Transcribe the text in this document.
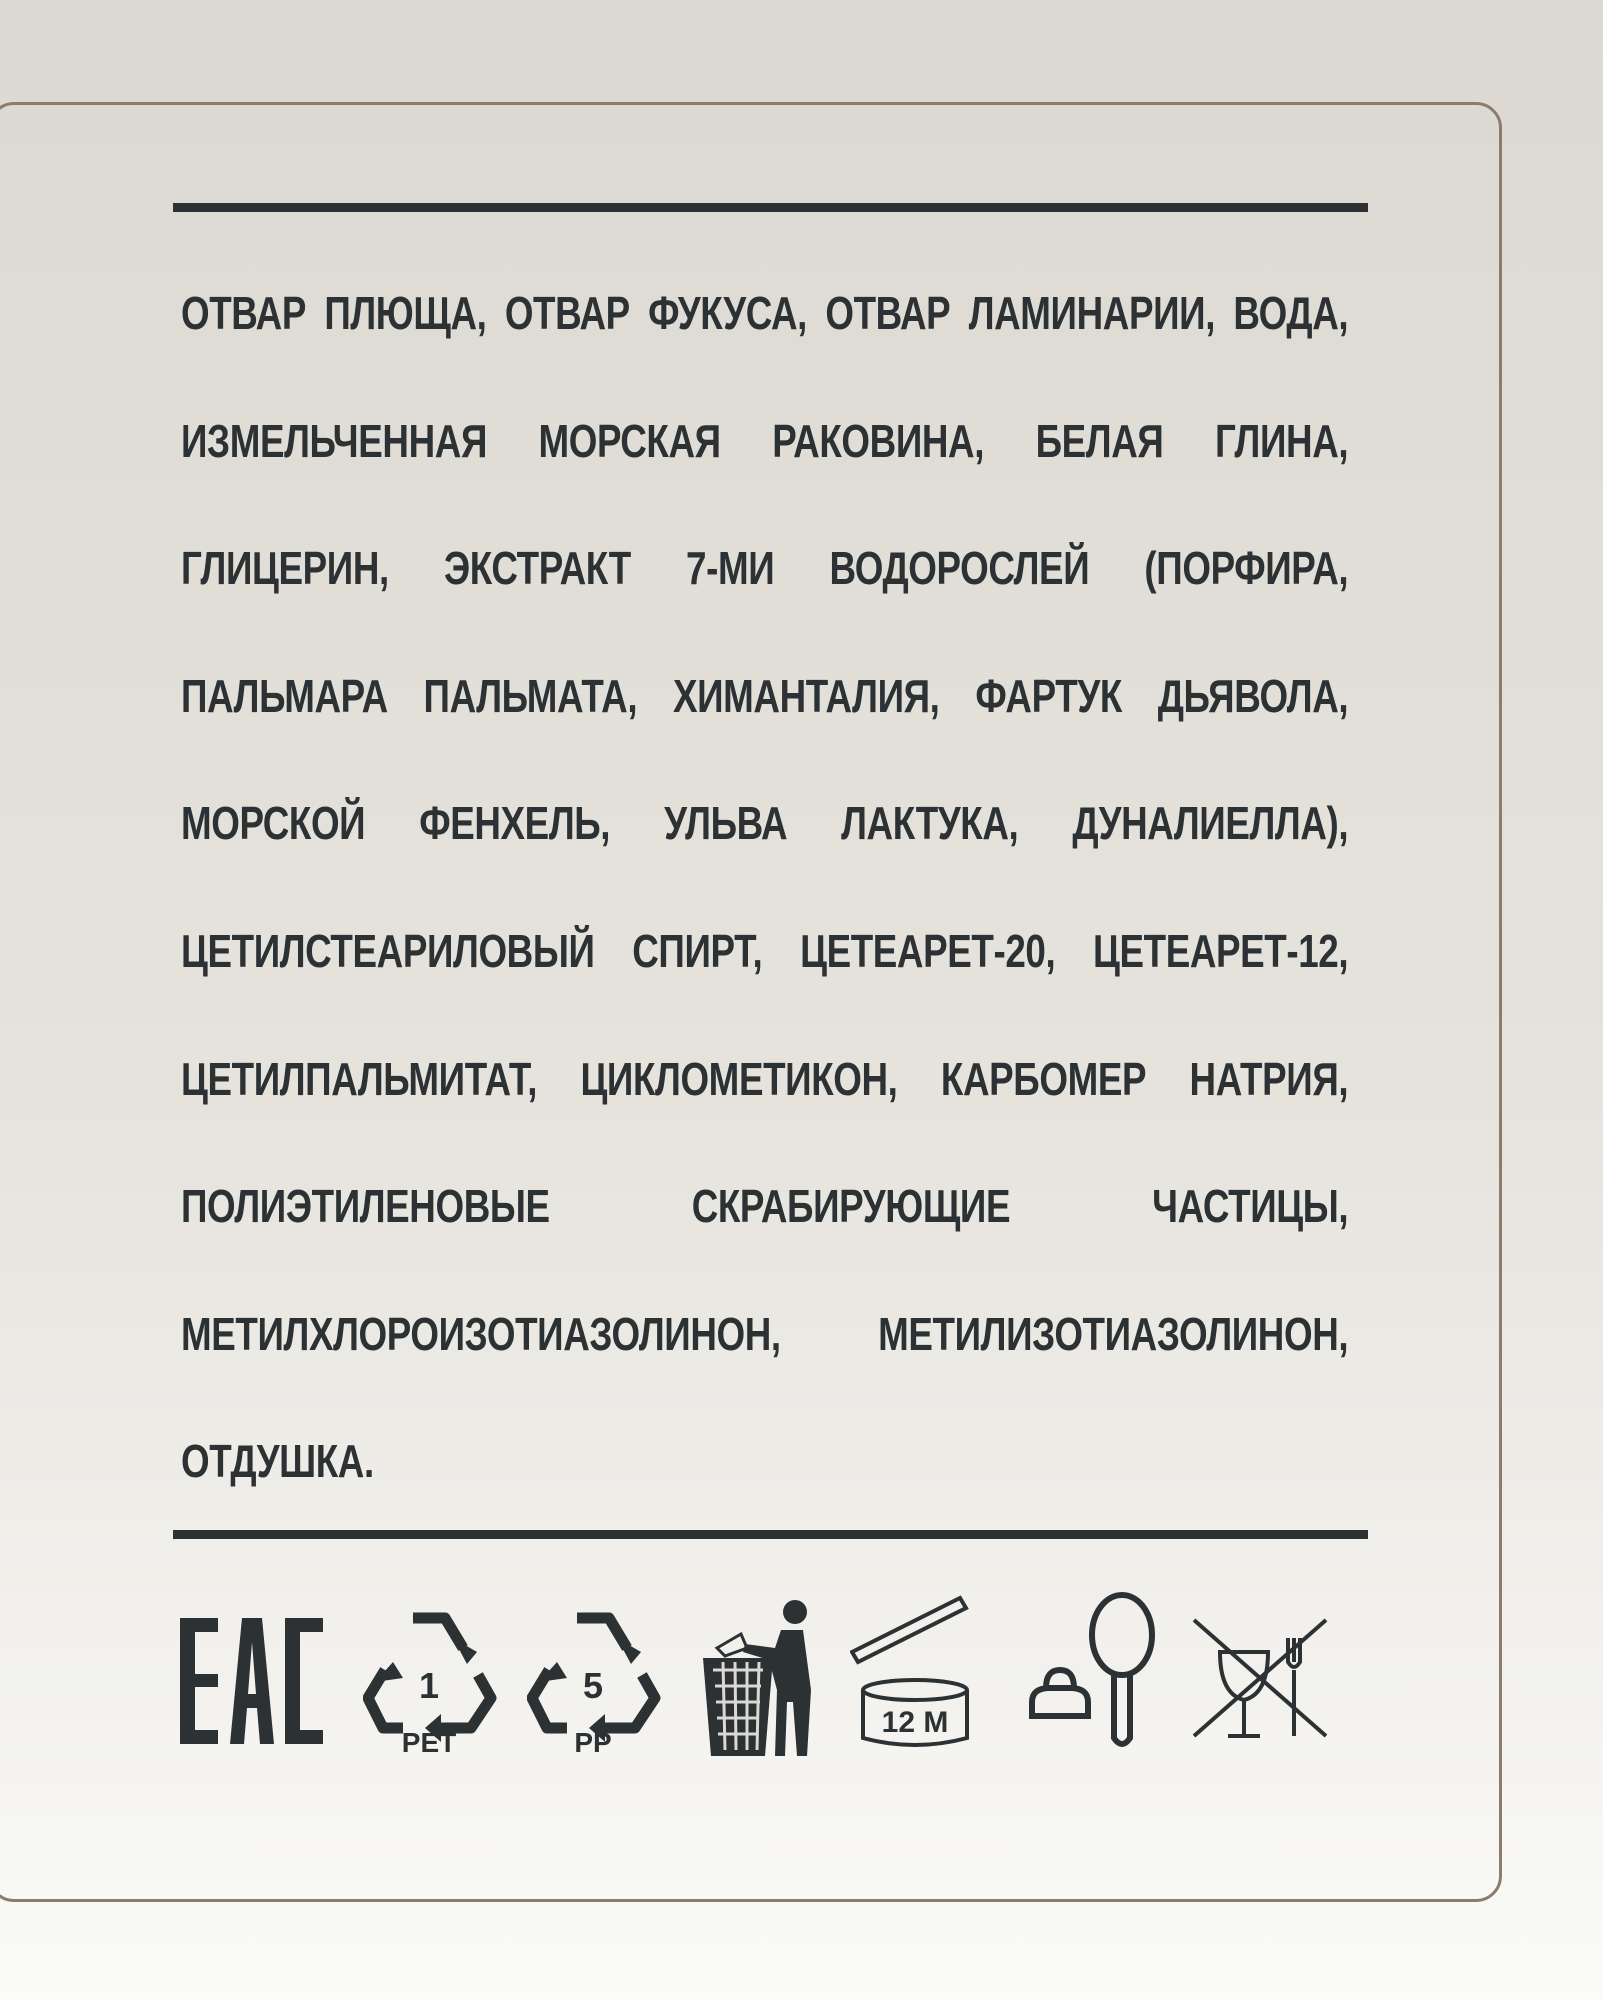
ОТВАР ПЛЮЩА, ОТВАР ФУКУСА, ОТВАР ЛАМИНАРИИ, ВОДА,
ИЗМЕЛЬЧЕННАЯ МОРСКАЯ РАКОВИНА, БЕЛАЯ ГЛИНА,
ГЛИЦЕРИН, ЭКСТРАКТ 7-МИ ВОДОРОСЛЕЙ (ПОРФИРА,
ПАЛЬМАРА ПАЛЬМАТА, ХИМАНТАЛИЯ, ФАРТУК ДЬЯВОЛА,
МОРСКОЙ ФЕНХЕЛЬ, УЛЬВА ЛАКТУКА, ДУНАЛИЕЛЛА),
ЦЕТИЛСТЕАРИЛОВЫЙ СПИРТ, ЦЕТЕАРЕТ-20, ЦЕТЕАРЕТ-12,
ЦЕТИЛПАЛЬМИТАТ, ЦИКЛОМЕТИКОН, КАРБОМЕР НАТРИЯ,
ПОЛИЭТИЛЕНОВЫЕ СКРАБИРУЮЩИЕ ЧАСТИЦЫ,
МЕТИЛХЛОРОИЗОТИАЗОЛИНОН, МЕТИЛИЗОТИАЗОЛИНОН,
ОТДУШКА.

1
PET
5
PP
12 M
